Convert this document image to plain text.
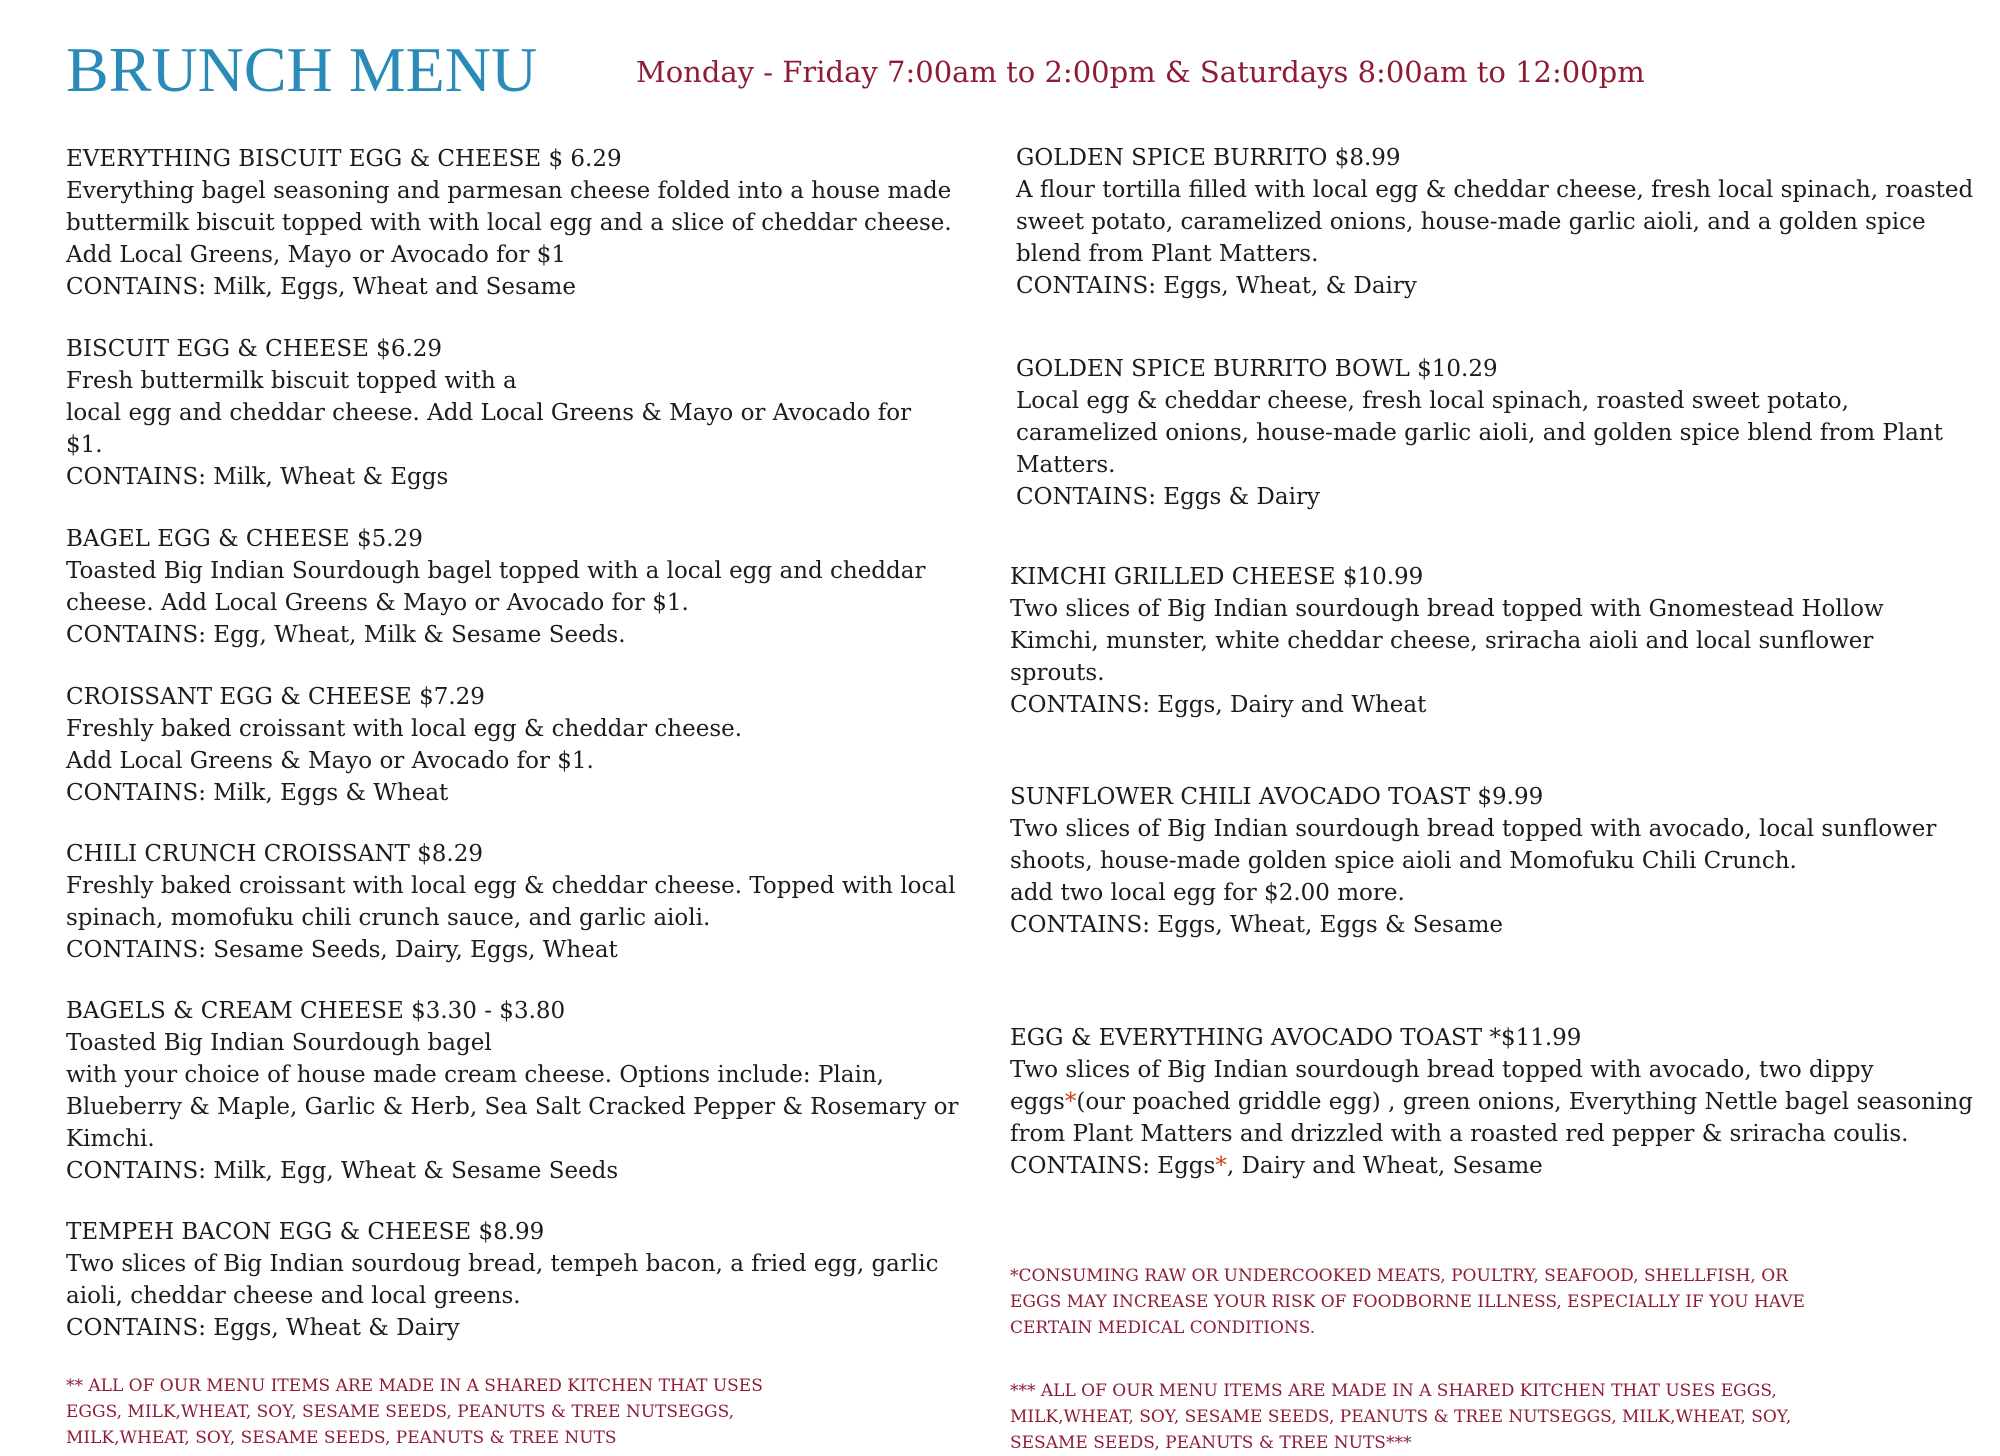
BRUNCH MENU	Monday - Friday 7:00am to 2:00pm & Saturdays 8:00am to 12:00pm
EVERYTHING BISCUIT EGG & CHEESE $ 6.29
Everything bagel seasoning and parmesan cheese folded into a house made
buttermilk biscuit topped with with local egg and a slice of cheddar cheese.
Add Local Greens, Mayo or Avocado for $1
CONTAINS: Milk, Eggs, Wheat and Sesame
BISCUIT EGG & CHEESE $6.29
Fresh buttermilk biscuit topped with a
local egg and cheddar cheese. Add Local Greens & Mayo or Avocado for
$1.
CONTAINS: Milk, Wheat & Eggs
BAGEL EGG & CHEESE $5.29
Toasted Big Indian Sourdough bagel topped with a local egg and cheddar
cheese. Add Local Greens & Mayo or Avocado for $1.
CONTAINS: Egg, Wheat, Milk & Sesame Seeds.
CROISSANT EGG & CHEESE $7.29
Freshly baked croissant with local egg & cheddar cheese.
Add Local Greens & Mayo or Avocado for $1.
CONTAINS: Milk, Eggs & Wheat
CHILI CRUNCH CROISSANT $8.29
Freshly baked croissant with local egg & cheddar cheese. Topped with local
spinach, momofuku chili crunch sauce, and garlic aioli.
CONTAINS: Sesame Seeds, Dairy, Eggs, Wheat
BAGELS & CREAM CHEESE $3.30 - $3.80
Toasted Big Indian Sourdough bagel
with your choice of house made cream cheese. Options include: Plain,
Blueberry & Maple, Garlic & Herb, Sea Salt Cracked Pepper & Rosemary or
Kimchi.
CONTAINS: Milk, Egg, Wheat & Sesame Seeds
TEMPEH BACON EGG & CHEESE $8.99
Two slices of Big Indian sourdoug bread, tempeh bacon, a fried egg, garlic
aioli, cheddar cheese and local greens.
CONTAINS: Eggs, Wheat & Dairy
** ALL OF OUR MENU ITEMS ARE MADE IN A SHARED KITCHEN THAT USES
EGGS, MILK,WHEAT, SOY, SESAME SEEDS, PEANUTS & TREE NUTSEGGS,
MILK,WHEAT, SOY, SESAME SEEDS, PEANUTS & TREE NUTS
GOLDEN SPICE BURRITO $8.99
A flour tortilla filled with local egg & cheddar cheese, fresh local spinach, roasted
sweet potato, caramelized onions, house-made garlic aioli, and a golden spice
blend from Plant Matters.
CONTAINS: Eggs, Wheat, & Dairy
GOLDEN SPICE BURRITO BOWL $10.29
Local egg & cheddar cheese, fresh local spinach, roasted sweet potato,
caramelized onions, house-made garlic aioli, and golden spice blend from Plant
Matters.
CONTAINS: Eggs & Dairy
KIMCHI GRILLED CHEESE $10.99
Two slices of Big Indian sourdough bread topped with Gnomestead Hollow
Kimchi, munster, white cheddar cheese, sriracha aioli and local sunflower
sprouts.
CONTAINS: Eggs, Dairy and Wheat
SUNFLOWER CHILI AVOCADO TOAST $9.99
Two slices of Big Indian sourdough bread topped with avocado, local sunflower
shoots, house-made golden spice aioli and Momofuku Chili Crunch.
add two local egg for $2.00 more.
CONTAINS: Eggs, Wheat, Eggs & Sesame
EGG & EVERYTHING AVOCADO TOAST *$11.99
Two slices of Big Indian sourdough bread topped with avocado, two dippy
eggs*(our poached griddle egg) , green onions, Everything Nettle bagel seasoning
from Plant Matters and drizzled with a roasted red pepper & sriracha coulis.
CONTAINS: Eggs*, Dairy and Wheat, Sesame
*CONSUMING RAW OR UNDERCOOKED MEATS, POULTRY, SEAFOOD, SHELLFISH, OR
EGGS MAY INCREASE YOUR RISK OF FOODBORNE ILLNESS, ESPECIALLY IF YOU HAVE
CERTAIN MEDICAL CONDITIONS.
*** ALL OF OUR MENU ITEMS ARE MADE IN A SHARED KITCHEN THAT USES EGGS,
MILK,WHEAT, SOY, SESAME SEEDS, PEANUTS & TREE NUTSEGGS, MILK,WHEAT, SOY,
SESAME SEEDS, PEANUTS & TREE NUTS***
